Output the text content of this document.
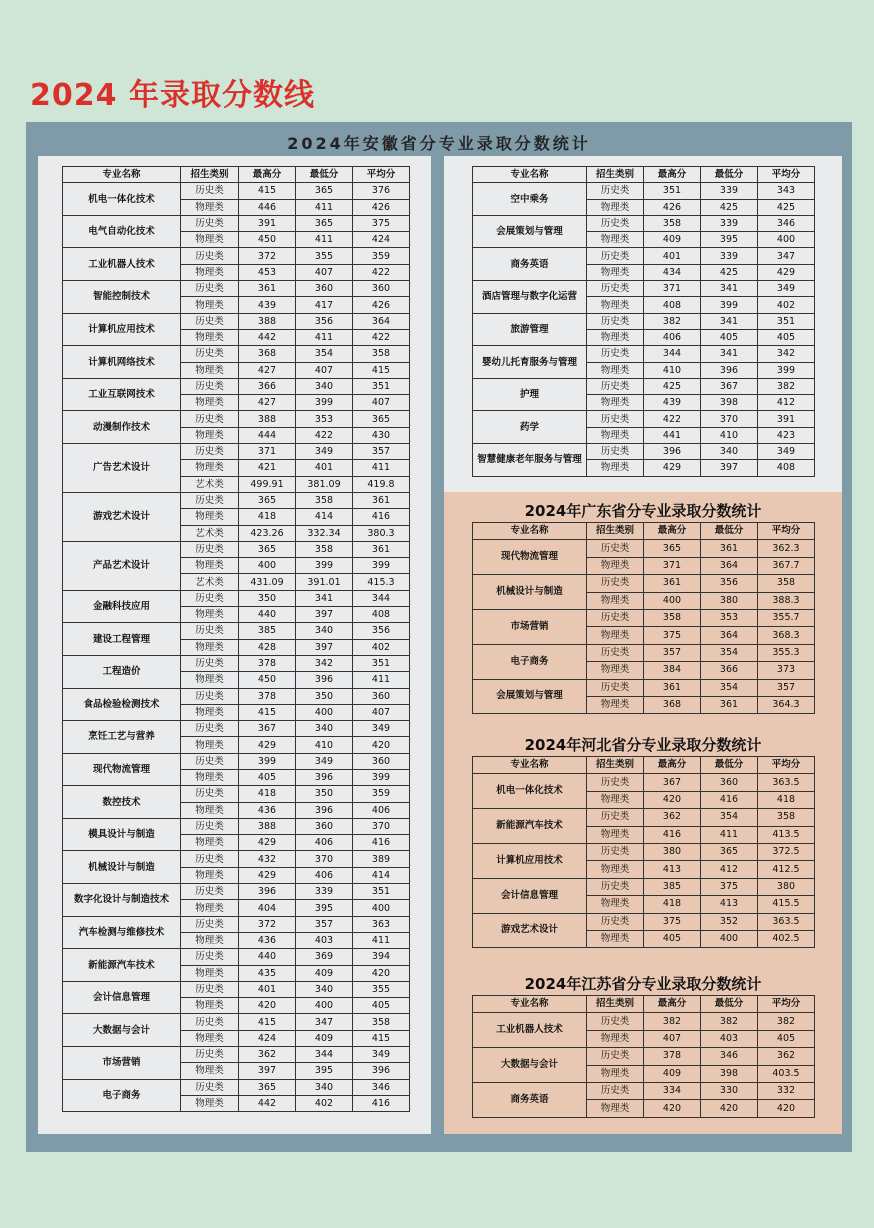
2024 年录取分数线
2024年安徽省分专业录取分数统计
专业名称	招生类别	最高分	最低分	平均分
机电一体化技术	历史类	415	365	376
	物理类	446	411	426
电气自动化技术	历史类	391	365	375
	物理类	450	411	424
工业机器人技术	历史类	372	355	359
	物理类	453	407	422
智能控制技术	历史类	361	360	360
	物理类	439	417	426
计算机应用技术	历史类	388	356	364
	物理类	442	411	422
计算机网络技术	历史类	368	354	358
	物理类	427	407	415
工业互联网技术	历史类	366	340	351
	物理类	427	399	407
动漫制作技术	历史类	388	353	365
	物理类	444	422	430
广告艺术设计	历史类	371	349	357
	物理类	421	401	411
	艺术类	499.91	381.09	419.8
游戏艺术设计	历史类	365	358	361
	物理类	418	414	416
	艺术类	423.26	332.34	380.3
产品艺术设计	历史类	365	358	361
	物理类	400	399	399
	艺术类	431.09	391.01	415.3
金融科技应用	历史类	350	341	344
	物理类	440	397	408
建设工程管理	历史类	385	340	356
	物理类	428	397	402
工程造价	历史类	378	342	351
	物理类	450	396	411
食品检验检测技术	历史类	378	350	360
	物理类	415	400	407
烹饪工艺与营养	历史类	367	340	349
	物理类	429	410	420
现代物流管理	历史类	399	349	360
	物理类	405	396	399
数控技术	历史类	418	350	359
	物理类	436	396	406
模具设计与制造	历史类	388	360	370
	物理类	429	406	416
机械设计与制造	历史类	432	370	389
	物理类	429	406	414
数字化设计与制造技术	历史类	396	339	351
	物理类	404	395	400
汽车检测与维修技术	历史类	372	357	363
	物理类	436	403	411
新能源汽车技术	历史类	440	369	394
	物理类	435	409	420
会计信息管理	历史类	401	340	355
	物理类	420	400	405
大数据与会计	历史类	415	347	358
	物理类	424	409	415
市场营销	历史类	362	344	349
	物理类	397	395	396
电子商务	历史类	365	340	346
	物理类	442	402	416
专业名称	招生类别	最高分	最低分	平均分
空中乘务	历史类	351	339	343
	物理类	426	425	425
会展策划与管理	历史类	358	339	346
	物理类	409	395	400
商务英语	历史类	401	339	347
	物理类	434	425	429
酒店管理与数字化运营	历史类	371	341	349
	物理类	408	399	402
旅游管理	历史类	382	341	351
	物理类	406	405	405
婴幼儿托育服务与管理	历史类	344	341	342
	物理类	410	396	399
护理	历史类	425	367	382
	物理类	439	398	412
药学	历史类	422	370	391
	物理类	441	410	423
智慧健康老年服务与管理	历史类	396	340	349
	物理类	429	397	408
2024年广东省分专业录取分数统计
专业名称	招生类别	最高分	最低分	平均分
现代物流管理	历史类	365	361	362.3
	物理类	371	364	367.7
机械设计与制造	历史类	361	356	358
	物理类	400	380	388.3
市场营销	历史类	358	353	355.7
	物理类	375	364	368.3
电子商务	历史类	357	354	355.3
	物理类	384	366	373
会展策划与管理	历史类	361	354	357
	物理类	368	361	364.3
2024年河北省分专业录取分数统计
专业名称	招生类别	最高分	最低分	平均分
机电一体化技术	历史类	367	360	363.5
	物理类	420	416	418
新能源汽车技术	历史类	362	354	358
	物理类	416	411	413.5
计算机应用技术	历史类	380	365	372.5
	物理类	413	412	412.5
会计信息管理	历史类	385	375	380
	物理类	418	413	415.5
游戏艺术设计	历史类	375	352	363.5
	物理类	405	400	402.5
2024年江苏省分专业录取分数统计
专业名称	招生类别	最高分	最低分	平均分
工业机器人技术	历史类	382	382	382
	物理类	407	403	405
大数据与会计	历史类	378	346	362
	物理类	409	398	403.5
商务英语	历史类	334	330	332
	物理类	420	420	420
